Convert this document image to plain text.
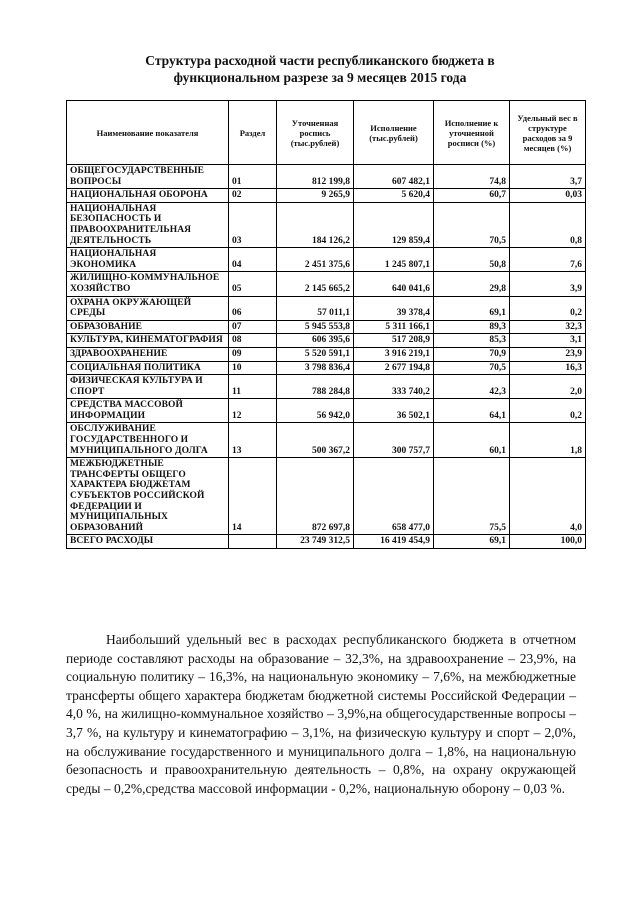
Структура расходной части республиканского бюджета в
функциональном разрезе за 9 месяцев 2015 года
Наименование показателя	Раздел	Уточненная роспись (тыс.рублей)	Исполнение (тыс.рублей)	Исполнение к уточненной росписи (%)	Удельный вес в структуре расходов за 9 месяцев (%)
ОБЩЕГОСУДАРСТВЕННЫЕ ВОПРОСЫ	01	812 199,8	607 482,1	74,8	3,7
НАЦИОНАЛЬНАЯ ОБОРОНА	02	9 265,9	5 620,4	60,7	0,03
НАЦИОНАЛЬНАЯ БЕЗОПАСНОСТЬ И ПРАВООХРАНИТЕЛЬНАЯ ДЕЯТЕЛЬНОСТЬ	03	184 126,2	129 859,4	70,5	0,8
НАЦИОНАЛЬНАЯ ЭКОНОМИКА	04	2 451 375,6	1 245 807,1	50,8	7,6
ЖИЛИЩНО-КОММУНАЛЬНОЕ ХОЗЯЙСТВО	05	2 145 665,2	640 041,6	29,8	3,9
ОХРАНА ОКРУЖАЮЩЕЙ СРЕДЫ	06	57 011,1	39 378,4	69,1	0,2
ОБРАЗОВАНИЕ	07	5 945 553,8	5 311 166,1	89,3	32,3
КУЛЬТУРА, КИНЕМАТОГРАФИЯ	08	606 395,6	517 208,9	85,3	3,1
ЗДРАВООХРАНЕНИЕ	09	5 520 591,1	3 916 219,1	70,9	23,9
СОЦИАЛЬНАЯ ПОЛИТИКА	10	3 798 836,4	2 677 194,8	70,5	16,3
ФИЗИЧЕСКАЯ КУЛЬТУРА И СПОРТ	11	788 284,8	333 740,2	42,3	2,0
СРЕДСТВА МАССОВОЙ ИНФОРМАЦИИ	12	56 942,0	36 502,1	64,1	0,2
ОБСЛУЖИВАНИЕ ГОСУДАРСТВЕННОГО И МУНИЦИПАЛЬНОГО ДОЛГА	13	500 367,2	300 757,7	60,1	1,8
МЕЖБЮДЖЕТНЫЕ ТРАНСФЕРТЫ ОБЩЕГО ХАРАКТЕРА БЮДЖЕТАМ СУБЪЕКТОВ РОССИЙСКОЙ ФЕДЕРАЦИИ И МУНИЦИПАЛЬНЫХ ОБРАЗОВАНИЙ	14	872 697,8	658 477,0	75,5	4,0
ВСЕГО РАСХОДЫ		23 749 312,5	16 419 454,9	69,1	100,0
Наибольший удельный вес в расходах республиканского бюджета в отчетном периоде составляют расходы на образование – 32,3%, на здравоохранение – 23,9%, на социальную политику – 16,3%, на национальную экономику – 7,6%, на межбюджетные трансферты общего характера бюджетам бюджетной системы Российской Федерации – 4,0 %, на жилищно-коммунальное хозяйство – 3,9%,на общегосударственные вопросы – 3,7 %, на культуру и кинематографию – 3,1%, на физическую культуру и спорт – 2,0%, на обслуживание государственного и муниципального долга – 1,8%, на национальную безопасность и правоохранительную деятельность – 0,8%, на охрану окружающей среды – 0,2%,средства массовой информации - 0,2%, национальную оборону – 0,03 %.
